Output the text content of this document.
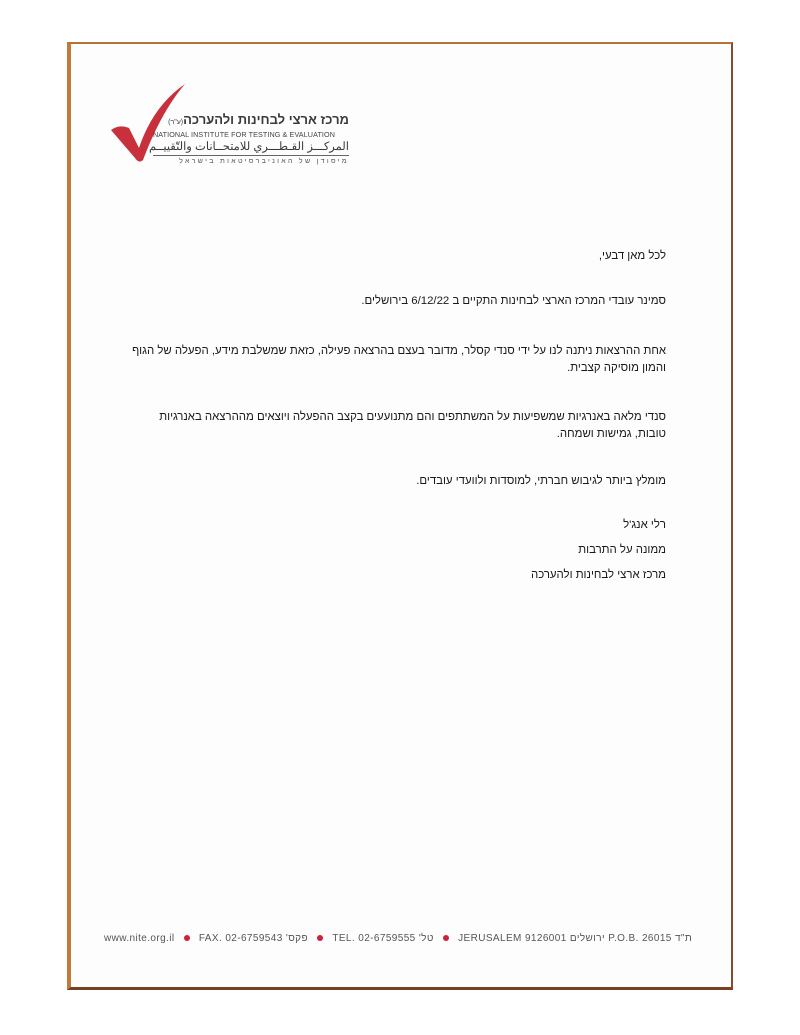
מרכז ארצי לבחינות ולהערכה(ע"ר)
NATIONAL INSTITUTE FOR TESTING & EVALUATION
المركـــز القـطـــري للامتحــانات والتّقييــم
מיסודן של האוניברסיטאות בישראל

לכל מאן דבעי,

סמינר עובדי המרכז הארצי לבחינות התקיים ב 6/12/22 בירושלים.

אחת ההרצאות ניתנה לנו על ידי סנדי קסלר, מדובר בעצם בהרצאה פעילה, כזאת שמשלבת מידע, הפעלה של הגוף והמון מוסיקה קצבית.

סנדי מלאה באנרגיות שמשפיעות על המשתתפים והם מתנועעים בקצב ההפעלה ויוצאים מההרצאה באנרגיות טובות, גמישות ושמחה.

מומלץ ביותר לגיבוש חברתי, למוסדות ולוועדי עובדים.

רלי אנג'ל

ממונה על התרבות

מרכז ארצי לבחינות ולהערכה

www.nite.org.il FAX. 02-6759543 פקס' TEL. 02-6759555 טל' JERUSALEM 9126001 ירושלים P.O.B. 26015 ת"ד
